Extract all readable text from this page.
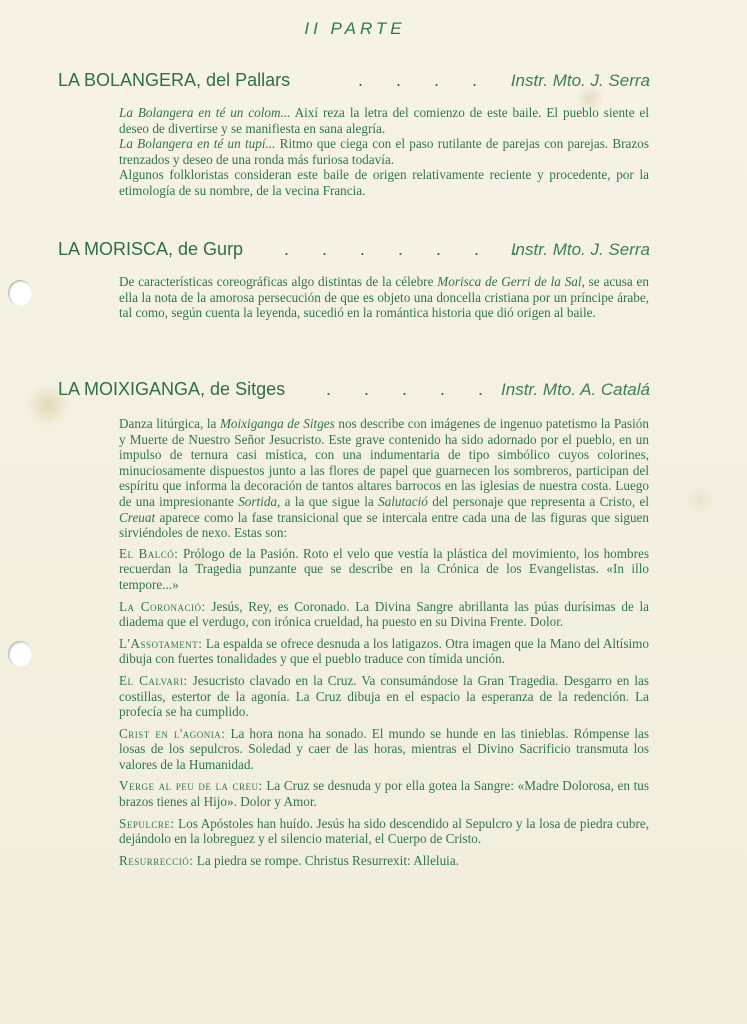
II PARTE
LA BOLANGERA, del Pallars	. . . . .
Instr. Mto. J. Serra
La Bolangera en té un colom... Així reza la letra del comienzo de este baile. El pueblo siente el deseo de divertirse y se manifiesta en sana alegría.
La Bolangera en té un tupí... Ritmo que ciega con el paso rutilante de parejas con parejas. Brazos trenzados y deseo de una ronda más furiosa todavía.
Algunos folkloristas consideran este baile de origen relativamente reciente y procedente, por la etimología de su nombre, de la vecina Francia.
LA MORISCA, de Gurp . . . . . . .
Instr. Mto. J. Serra
De características coreográficas algo distintas de la célebre Morisca de Gerri de la Sal, se acusa en ella la nota de la amorosa persecución de que es objeto una doncella cristiana por un príncipe árabe, tal como, según cuenta la leyenda, sucedió en la romántica historia que dió origen al baile.
LA MOIXIGANGA, de Sitges . . . . . Instr. Mto. A. Catalá
Danza litúrgica, la Moixiganga de Sitges nos describe con imágenes de ingenuo patetismo la Pasión y Muerte de Nuestro Señor Jesucristo. Este grave contenido ha sido adornado por el pueblo, en un impulso de ternura casi mística, con una indumentaria de tipo simbólico cuyos colorines, minuciosamente dispuestos junto a las flores de papel que guarnecen los sombreros, participan del espíritu que informa la decoración de tantos altares barrocos en las iglesias de nuestra costa. Luego de una impresionante Sortida, a la que sigue la Salutació del personaje que representa a Cristo, el Creuat aparece como la fase transicional que se intercala entre cada una de las figuras que siguen sirviéndoles de nexo. Estas son:
El Balcó: Prólogo de la Pasión. Roto el velo que vestía la plástica del movimiento, los hombres recuerdan la Tragedia punzante que se describe en la Crónica de los Evangelistas. «In illo tempore...»
La Coronació: Jesús, Rey, es Coronado. La Divina Sangre abrillanta las púas durísimas de la diadema que el verdugo, con irónica crueldad, ha puesto en su Divina Frente. Dolor.
L'Assotament: La espalda se ofrece desnuda a los latigazos. Otra imagen que la Mano del Altísimo dibuja con fuertes tonalidades y que el pueblo traduce con tímida unción.
El Calvari: Jesucristo clavado en la Cruz. Va consumándose la Gran Tragedia. Desgarro en las costillas, estertor de la agonía. La Cruz dibuja en el espacio la esperanza de la redención. La profecía se ha cumplido.
Crist en l'agonia: La hora nona ha sonado. El mundo se hunde en las tinieblas. Rómpense las losas de los sepulcros. Soledad y caer de las horas, mientras el Divino Sacrificio transmuta los valores de la Humanidad.
Verge al peu de la creu: La Cruz se desnuda y por ella gotea la Sangre: «Madre Dolorosa, en tus brazos tienes al Hijo». Dolor y Amor.
Sepulcre: Los Apóstoles han huído. Jesús ha sido descendido al Sepulcro y la losa de piedra cubre, dejándolo en la lobreguez y el silencio material, el Cuerpo de Cristo.
Resurrecció: La piedra se rompe. Christus Resurrexit: Alleluia.
